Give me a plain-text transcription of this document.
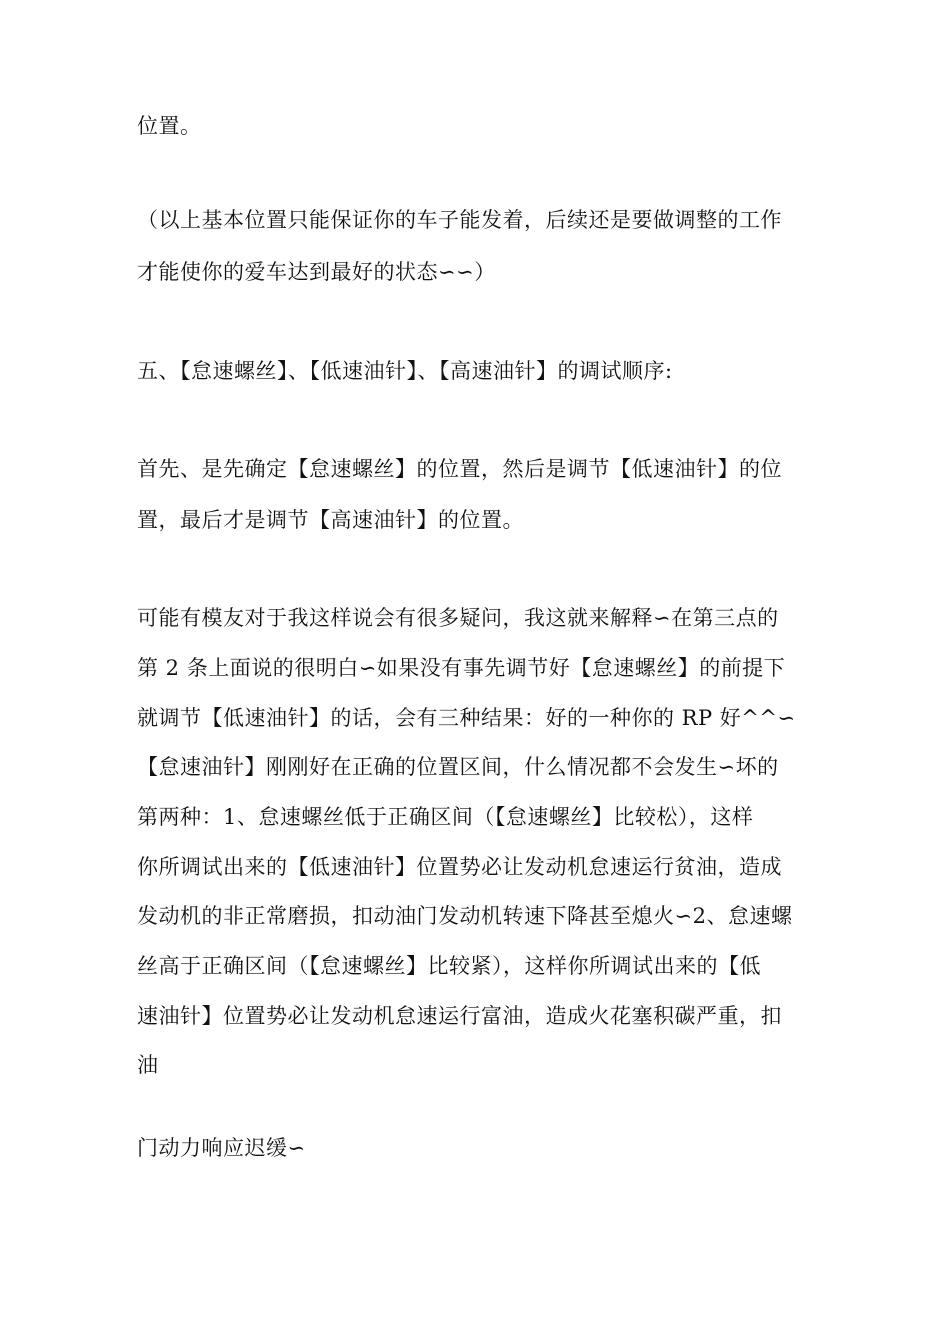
位置。
（以上基本位置只能保证你的车子能发着，后续还是要做调整的工作
才能使你的爱车达到最好的状态∽∽）
五、【怠速螺丝】、【低速油针】、【高速油针】的调试顺序:
首先、是先确定【怠速螺丝】的位置，然后是调节【低速油针】的位
置，最后才是调节【高速油针】的位置。
可能有模友对于我这样说会有很多疑问，我这就来解释∽在第三点的
第 2 条上面说的很明白∽如果没有事先调节好【怠速螺丝】的前提下
就调节【低速油针】的话，会有三种结果：好的一种你的 RP 好^^∽
【怠速油针】刚刚好在正确的位置区间，什么情况都不会发生∽坏的
第两种：1、怠速螺丝低于正确区间（【怠速螺丝】比较松），这样
你所调试出来的【低速油针】位置势必让发动机怠速运行贫油，造成
发动机的非正常磨损，扣动油门发动机转速下降甚至熄火∽2、怠速螺
丝高于正确区间（【怠速螺丝】比较紧），这样你所调试出来的【低
速油针】位置势必让发动机怠速运行富油，造成火花塞积碳严重，扣
油
门动力响应迟缓∽
